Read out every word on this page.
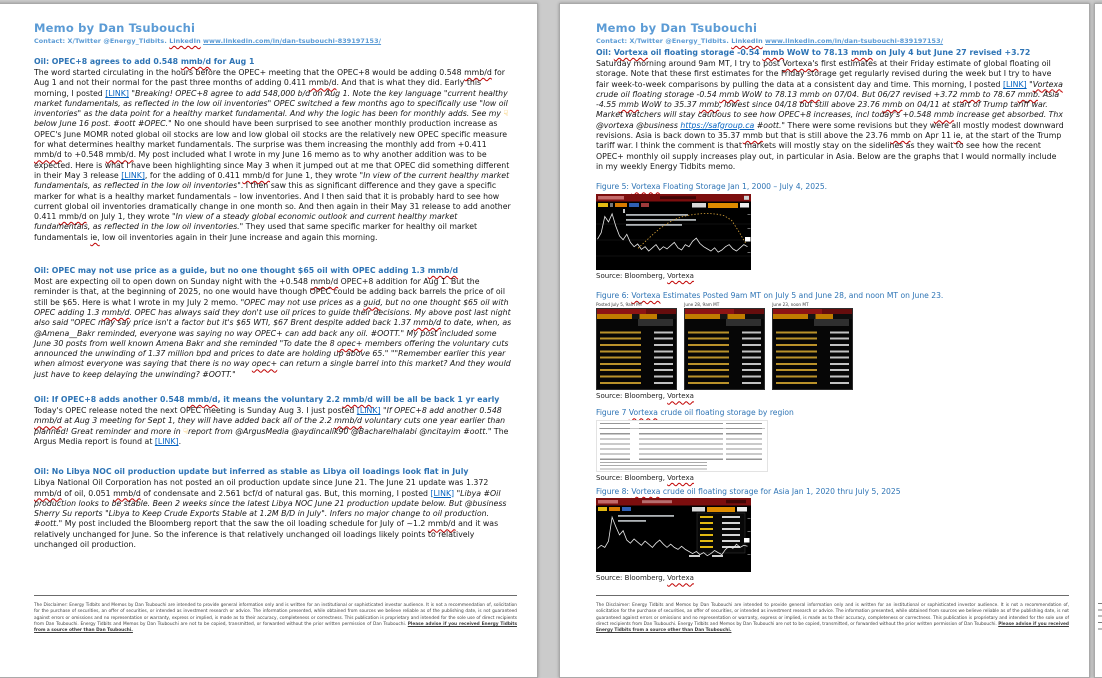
Memo by Dan Tsubouchi
Contact: X/Twitter @Energy_Tidbits. LinkedIn www.linkedin.com/in/dan-tsubouchi-839197153/
Oil: OPEC+8 agrees to add 0.548 mmb/d for Aug 1
The word started circulating in the hours before the OPEC+ meeting that the OPEC+8 would be adding 0.548 mmb/d for Aug 1 and not their normal for the past three months of adding 0.411 mmb/d. And that is what they did. Early this morning, I posted [LINK] "Breaking! OPEC+8 agree to add 548,000 b/d on Aug 1. Note the key language "current healthy market fundamentals, as reflected in the low oil inventories" OPEC switched a few months ago to specifically use "low oil inventories" as the data point for a healthy market fundamental. And why the logic has been for monthly adds. See my ☟below June 16 post. #oott #OPEC." No one should have been surprised to see another monthly production increase as OPEC's June MOMR noted global oil stocks are low and low global oil stocks are the relatively new OPEC specific measure for what determines healthy market fundamentals. The surprise was them increasing the monthly add from +0.411 mmb/d to +0.548 mmb/d. My post included what I wrote in my June 16 memo as to why another addition was to be expected. Here is what I have been highlighting since May 3 when it jumped out at me that OPEC did something different in their May 3 release [LINK], for the adding of 0.411 mmb/d for June 1, they wrote "In view of the current healthy market fundamentals, as reflected in the low oil inventories". I then saw this as significant difference and they gave a specific marker for what is a healthy market fundamentals – low inventories. And I then said that it is probably hard to see how current global oil inventories dramatically change in one month so. And then again in their May 31 release to add another 0.411 mmb/d on July 1, they wrote "In view of a steady global economic outlook and current healthy market fundamentals, as reflected in the low oil inventories." They used that same specific marker for healthy oil market fundamentals ie, low oil inventories again in their June increase and again this morning.
Oil: OPEC may not use price as a guide, but no one thought $65 oil with OPEC adding 1.3 mmb/d
Most are expecting oil to open down on Sunday night with the +0.548 mmb/d OPEC+8 addition for Aug 1. But the reminder is that, at the beginning of 2025, no one would have though OPEC could be adding back barrels the price of oil still be $65. Here is what I wrote in my July 2 memo. "OPEC may not use prices as a guid, but no one thought $65 oil with OPEC adding 1.3 mmb/d. OPEC has always said they don't use oil prices to guide their decisions. My above post last night also said "OPEC may say price isn't a factor but it's $65 WTI, $67 Brent despite added back 1.37 mmb/d to date, when, as @Amena__Bakr reminded, everyone was saying no way OPEC+ can add back any oil. #OOTT." My post included some June 30 posts from well known Amena Bakr and she reminded "To date the 8 opec+ members offering the voluntary cuts announced the unwinding of 1.37 million bpd and prices to date are holding up above 65." ""Remember earlier this year when almost everyone was saying that there is no way opec+ can return a single barrel into this market? And they would just have to keep delaying the unwinding? #OOTT."
Oil: If OPEC+8 adds another 0.548 mmb/d, it means the voluntary 2.2 mmb/d will be all be back 1 yr early
Today's OPEC release noted the next OPEC meeting is Sunday Aug 3. I just posted [LINK] "If OPEC+8 add another 0.548 mmb/d at Aug 3 meeting for Sept 1, they will have added back all of the 2.2 mmb/d voluntary cuts one year earlier than planned! Great reminder and more in ☟report from @ArgusMedia @aydincalik90 @Bacharelhalabi @ncitayim #oott." The Argus Media report is found at [LINK].
Oil: No Libya NOC oil production update but inferred as stable as Libya oil loadings look flat in July
Libya National Oil Corporation has not posted an oil production update since June 21. The June 21 update was 1.372 mmb/d of oil, 0.051 mmb/d of condensate and 2.561 bcf/d of natural gas. But, this morning, I posted [LINK] "Libya #Oil production looks to be stable. Been 2 weeks since the latest Libya NOC June 21 production update below. But @business Sherry Su reports "Libya to Keep Crude Exports Stable at 1.2M B/D in July". Infers no major change to oil production. #oott." My post included the Bloomberg report that the saw the oil loading schedule for July of ~1.2 mmb/d and it was relatively unchanged for June. So the inference is that relatively unchanged oil loadings likely points to relatively unchanged oil production.
The Disclaimer: Energy Tidbits and Memos by Dan Tsubouchi are intended to provide general information only and is written for an institutional or sophisticated investor audience. It is not a recommendation of, solicitation for the purchase of securities, an offer of securities, or intended as investment research or advice. The information presented, while obtained from sources we believe reliable as of the publishing date, is not guaranteed against errors or omissions and no representation or warranty, express or implied, is made as to their accuracy, completeness or correctness. This publication is proprietary and intended for the sole use of direct recipients from Dan Tsubouchi. Energy Tidbits and Memos by Dan Tsubouchi are not to be copied, transmitted, or forwarded without the prior written permission of Dan Tsubouchi. Please advise if you received Energy Tidbits from a source other than Dan Tsubouchi.
Memo by Dan Tsubouchi
Contact: X/Twitter @Energy_Tidbits. LinkedIn www.linkedin.com/in/dan-tsubouchi-839197153/
Oil: Vortexa oil floating storage -0.54 mmb WoW to 78.13 mmb on July 4 but June 27 revised +3.72
Saturday morning around 9am MT, I try to post Vortexa's first estimates at their Friday estimate of global floating oil storage. Note that these first estimates for the Friday storage get regularly revised during the week but I try to have fair week-to-week comparisons by pulling the data at a consistent day and time. This morning, I posted [LINK] "Vortexa crude oil floating storage -0.54 mmb WoW to 78.13 mmb on 07/04. But 06/27 revised +3.72 mmb to 78.67 mmb. Asia -4.55 mmb WoW to 35.37 mmb, lowest since 04/18 but still above 23.76 mmb on 04/11 at start of Trump tariff war. Market watchers will stay cautious to see how OPEC+8 increases, incl today's +0.548 mmb increase get absorbed. Thx @vortexa @business https://safgroup.ca #oott." There were some revisions but they were all mostly modest downward revisions. Asia is back down to 35.37 mmb but that is still above the 23.76 mmb on Apr 11 ie, at the start of the Trump tariff war. I think the comment is that markets will mostly stay on the sidelines as they wait to see how the recent OPEC+ monthly oil supply increases play out, in particular in Asia. Below are the graphs that I would normally include in my weekly Energy Tidbits memo.
Figure 5: Vortexa Floating Storage Jan 1, 2000 – July 4, 2025.
Source: Bloomberg, Vortexa
Figure 6: Vortexa Estimates Posted 9am MT on July 5 and June 28, and noon MT on June 23.
Posted July 5, 9am MT
	June 28, 9am MT
	June 23, noon MT
Source: Bloomberg, Vortexa
Figure 7 Vortexa crude oil floating storage by region
Source: Bloomberg, Vortexa
Figure 8: Vortexa crude oil floating storage for Asia Jan 1, 2020 thru July 5, 2025
Source: Bloomberg, Vortexa
The Disclaimer: Energy Tidbits and Memos by Dan Tsubouchi are intended to provide general information only and is written for an institutional or sophisticated investor audience. It is not a recommendation of, solicitation for the purchase of securities, an offer of securities, or intended as investment research or advice. The information presented, while obtained from sources we believe reliable as of the publishing date, is not guaranteed against errors or omissions and no representation or warranty, express or implied, is made as to their accuracy, completeness or correctness. This publication is proprietary and intended for the sole use of direct recipients from Dan Tsubouchi. Energy Tidbits and Memos by Dan Tsubouchi are not to be copied, transmitted, or forwarded without the prior written permission of Dan Tsubouchi. Please advise if you received Energy Tidbits from a source other than Dan Tsubouchi.
